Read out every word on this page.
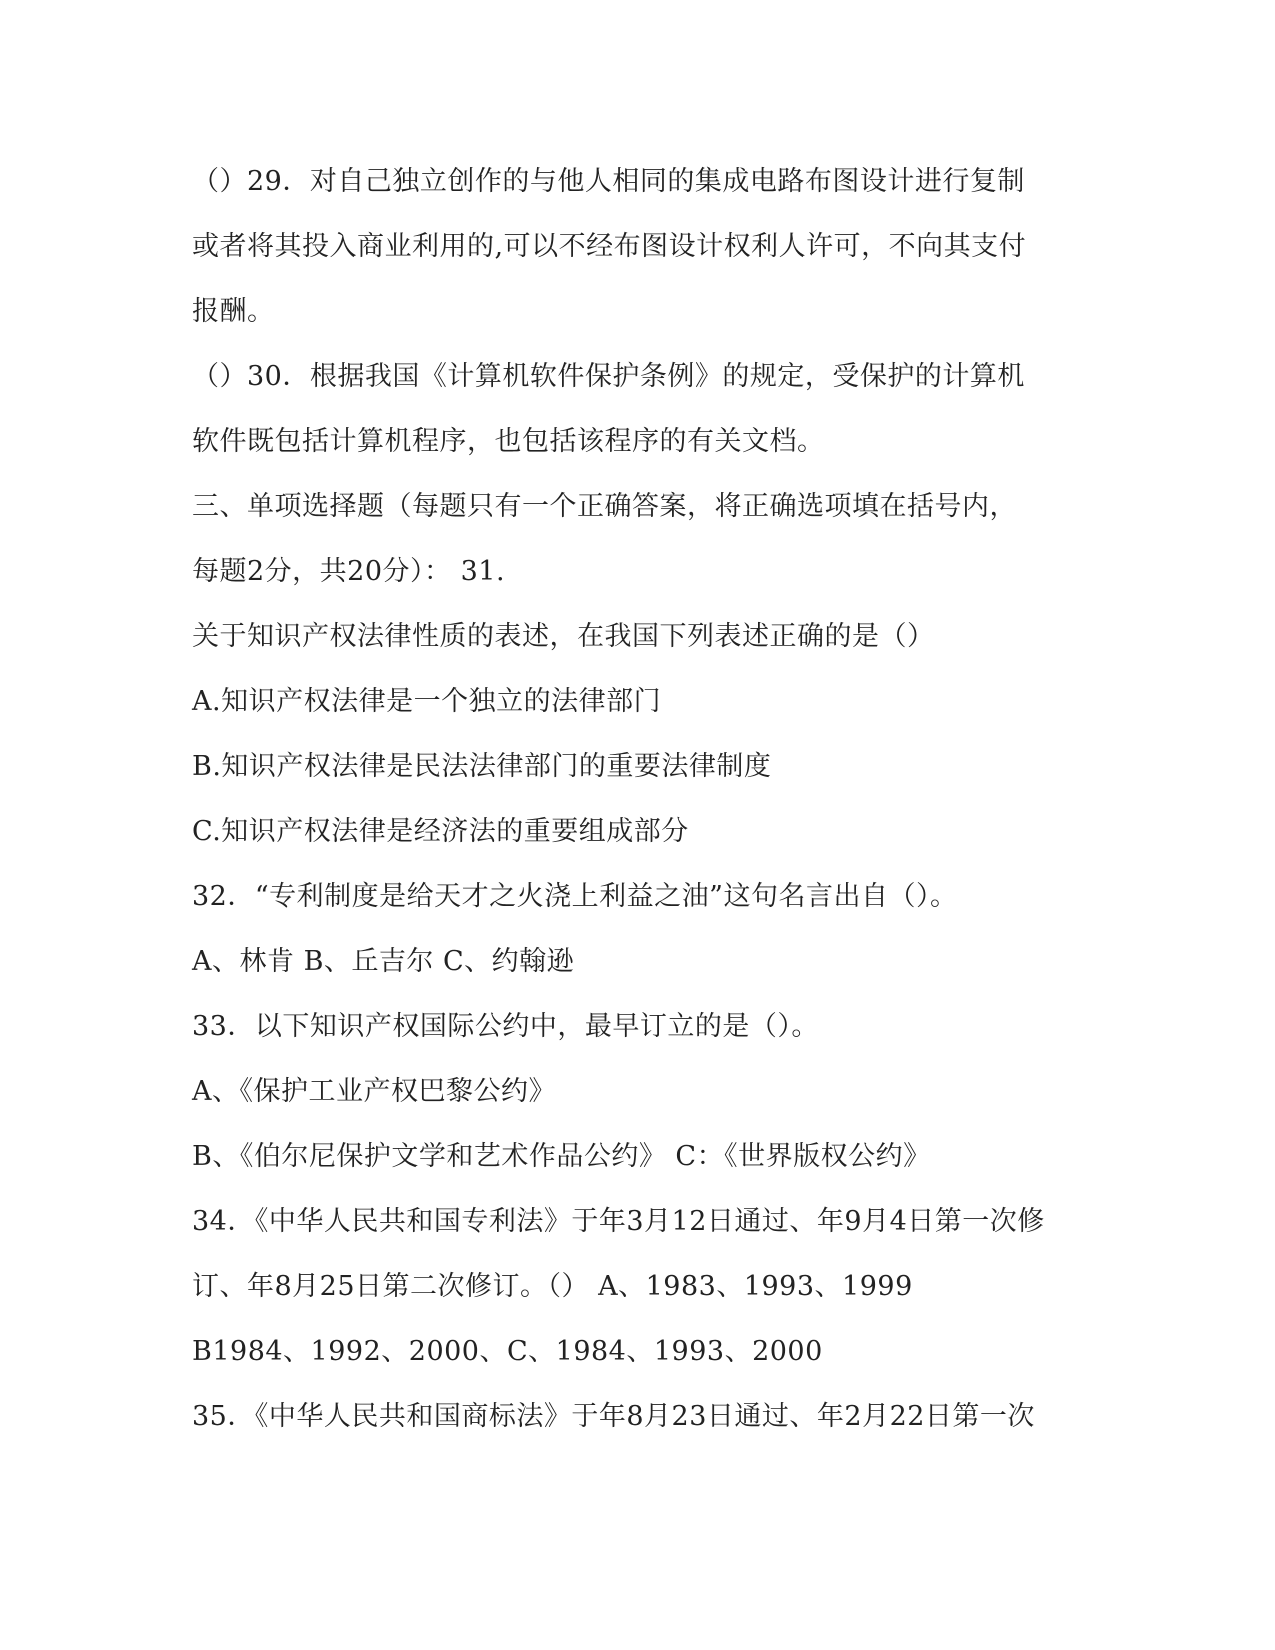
（）29．对自己独立创作的与他人相同的集成电路布图设计进行复制
或者将其投入商业利用的,可以不经布图设计权利人许可，不向其支付
报酬。
（）30．根据我国《计算机软件保护条例》的规定，受保护的计算机
软件既包括计算机程序，也包括该程序的有关文档。
三、单项选择题（每题只有一个正确答案，将正确选项填在括号内，
每题2分，共20分）： 31.
关于知识产权法律性质的表述，在我国下列表述正确的是（）
A.知识产权法律是一个独立的法律部门
B.知识产权法律是民法法律部门的重要法律制度
C.知识产权法律是经济法的重要组成部分
32．“专利制度是给天才之火浇上利益之油”这句名言出自（）。
A、林肯 B、丘吉尔 C、约翰逊
33．以下知识产权国际公约中，最早订立的是（）。
A、《保护工业产权巴黎公约》
B、《伯尔尼保护文学和艺术作品公约》 C：《世界版权公约》
34．《中华人民共和国专利法》于年3月12日通过、年9月4日第一次修
订、年8月25日第二次修订。（） A、1983、1993、1999
B1984、1992、2000、C、1984、1993、2000
35．《中华人民共和国商标法》于年8月23日通过、年2月22日第一次
